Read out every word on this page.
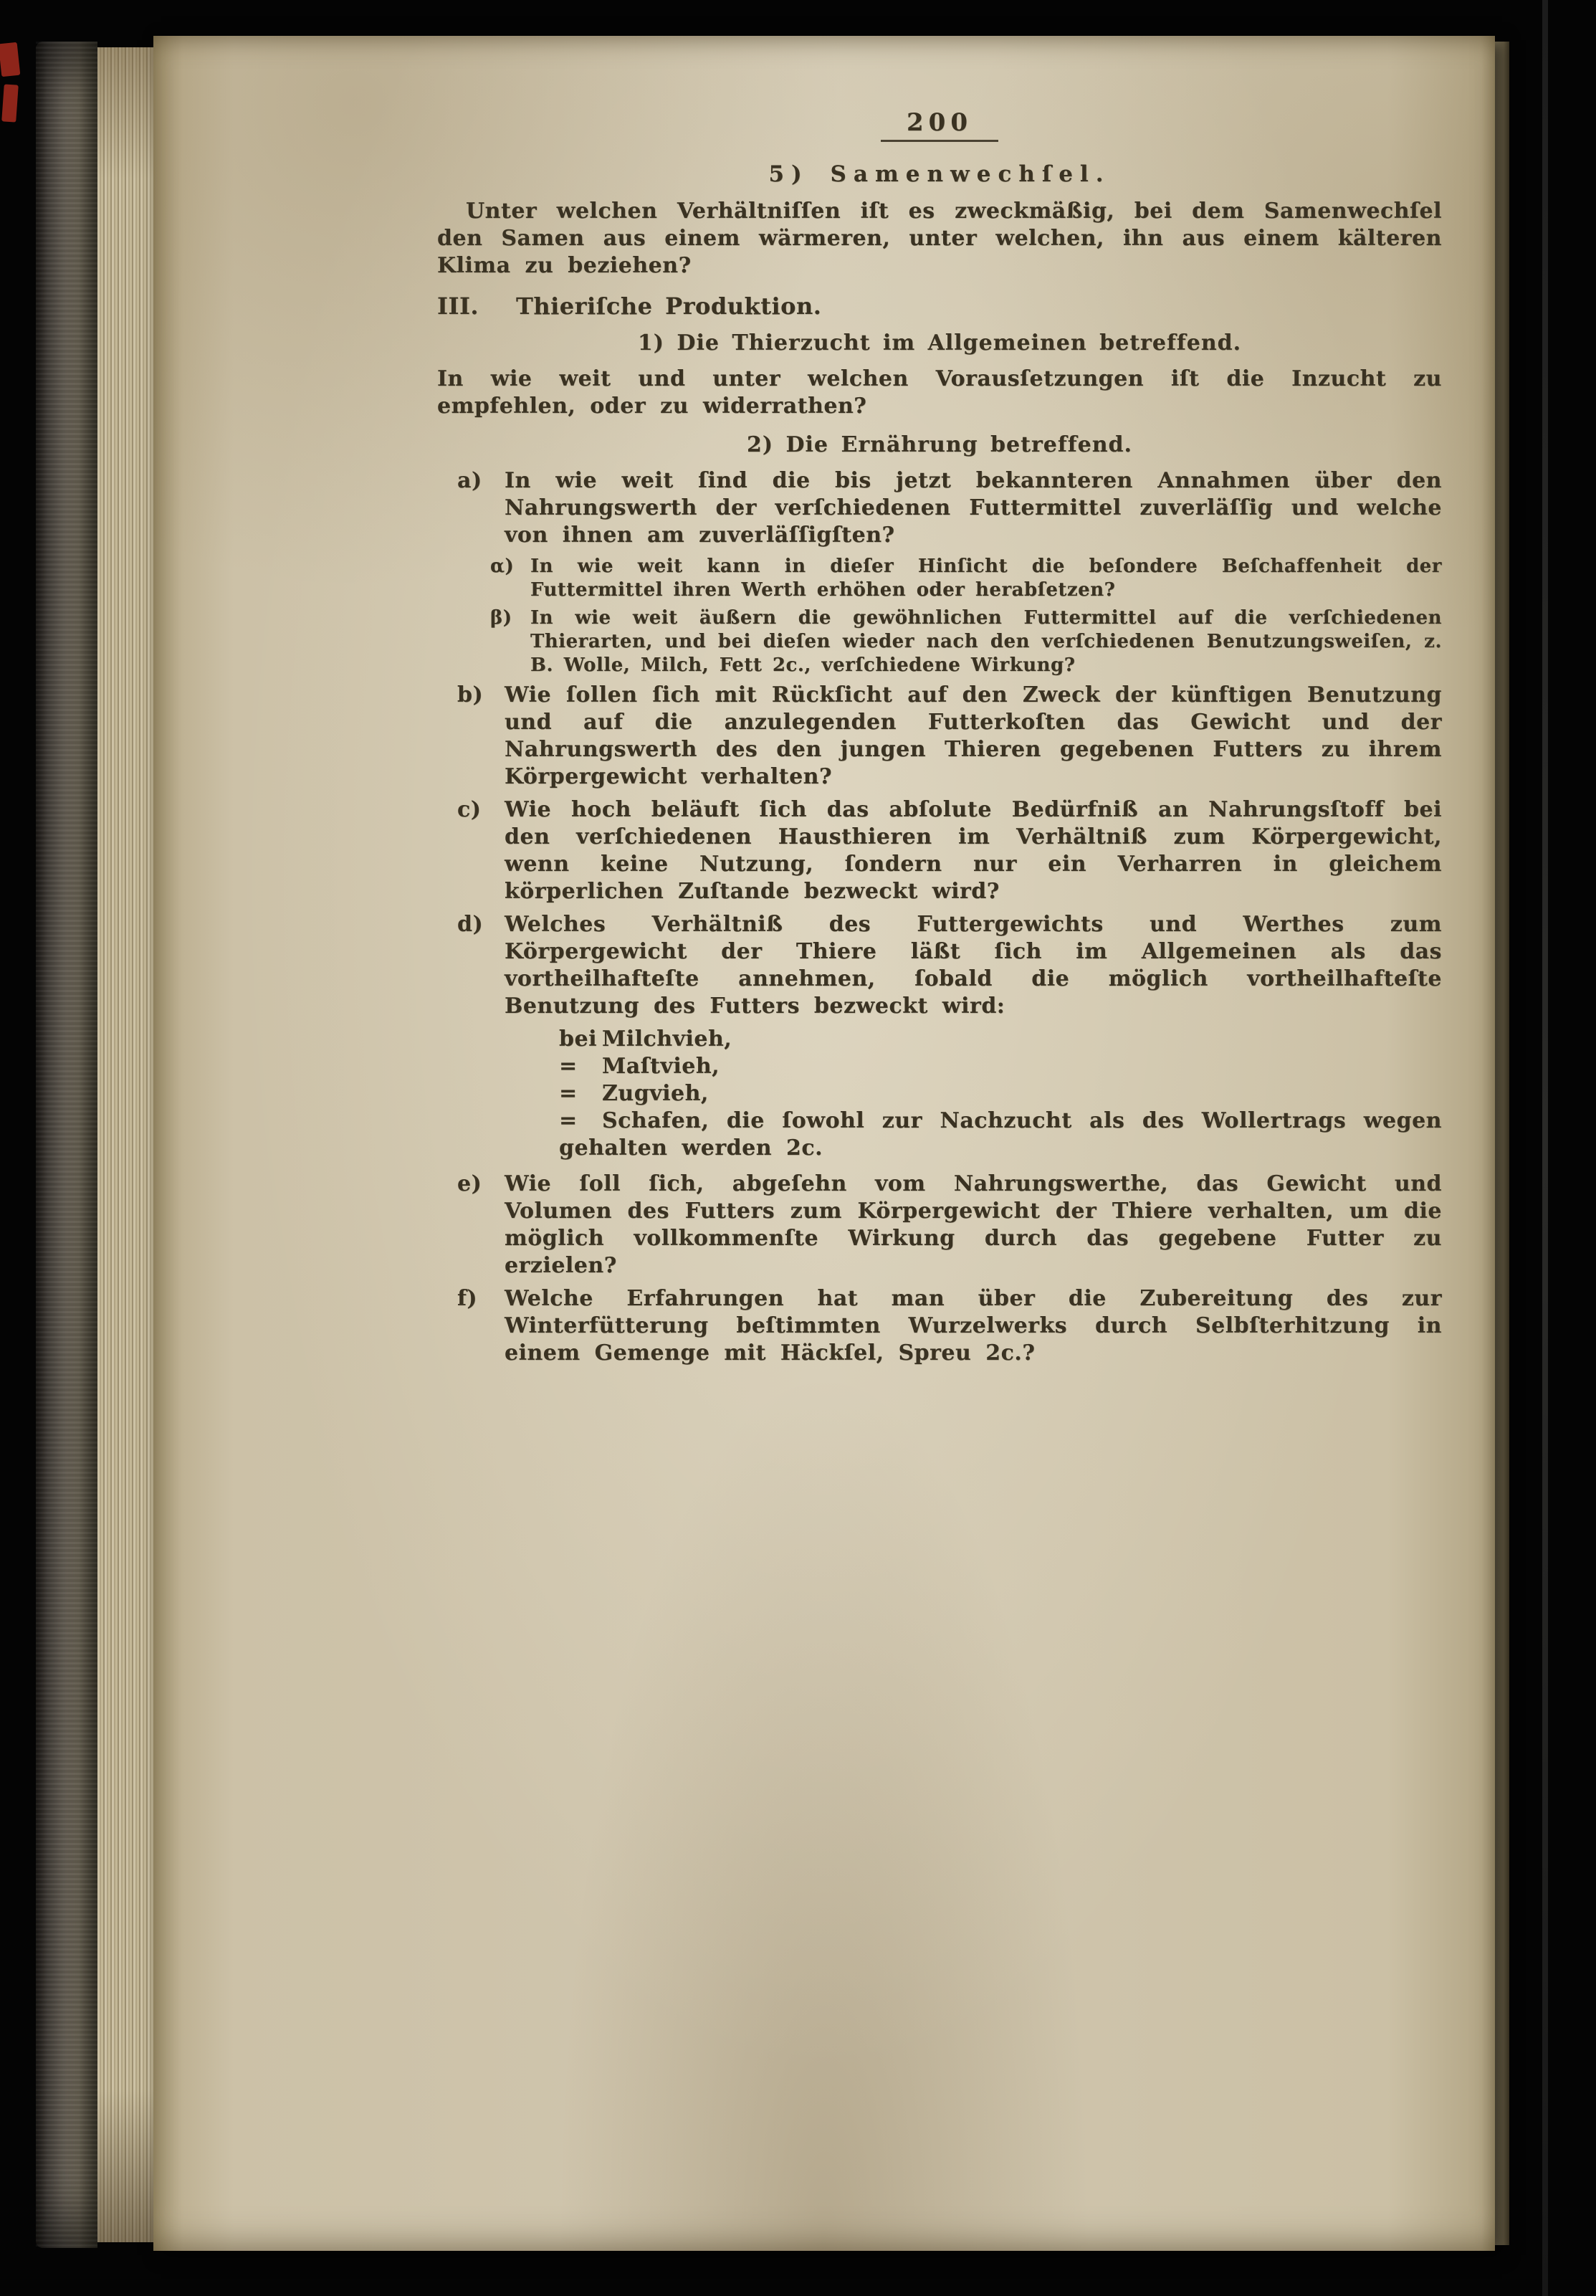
200
5) Samenwechſel.

Unter welchen Verhältniſſen iſt es zweckmäßig, bei dem Samenwechſel den Samen aus einem wärmeren, unter welchen, ihn aus einem kälteren Klima zu beziehen?

III. Thieriſche Produktion.
1) Die Thierzucht im Allgemeinen betreffend.

In wie weit und unter welchen Vorausſetzungen iſt die Inzucht zu empfehlen, oder zu widerrathen?

2) Die Ernährung betreffend.
a) In wie weit ſind die bis jetzt bekannteren Annahmen über den Nahrungswerth der verſchiedenen Futtermittel zuverläſſig und welche von ihnen am zuverläſſigſten?
α) In wie weit kann in dieſer Hinſicht die beſondere Beſchaffenheit der Futtermittel ihren Werth erhöhen oder herabſetzen?
β) In wie weit äußern die gewöhnlichen Futtermittel auf die verſchiedenen Thierarten, und bei dieſen wieder nach den verſchiedenen Benutzungsweiſen, z. B. Wolle, Milch, Fett 2c., verſchiedene Wirkung?
b) Wie ſollen ſich mit Rückſicht auf den Zweck der künftigen Benutzung und auf die anzulegenden Futterkoſten das Gewicht und der Nahrungswerth des den jungen Thieren gegebenen Futters zu ihrem Körpergewicht verhalten?
c) Wie hoch beläuft ſich das abſolute Bedürfniß an Nahrungsſtoff bei den verſchiedenen Hausthieren im Verhältniß zum Körpergewicht, wenn keine Nutzung, ſondern nur ein Verharren in gleichem körperlichen Zuſtande bezweckt wird?
d) Welches Verhältniß des Futtergewichts und Werthes zum Körpergewicht der Thiere läßt ſich im Allgemeinen als das vortheilhafteſte annehmen, ſobald die möglich vortheilhafteſte Benutzung des Futters bezweckt wird:
bei Milchvieh,
= Maſtvieh,
= Zugvieh,
= Schafen, die ſowohl zur Nachzucht als des Wollertrags wegen gehalten werden 2c.
e) Wie ſoll ſich, abgeſehn vom Nahrungswerthe, das Gewicht und Volumen des Futters zum Körpergewicht der Thiere verhalten, um die möglich vollkommenſte Wirkung durch das gegebene Futter zu erzielen?
f) Welche Erfahrungen hat man über die Zubereitung des zur Winterfütterung beſtimmten Wurzelwerks durch Selbſterhitzung in einem Gemenge mit Häckſel, Spreu 2c.?
